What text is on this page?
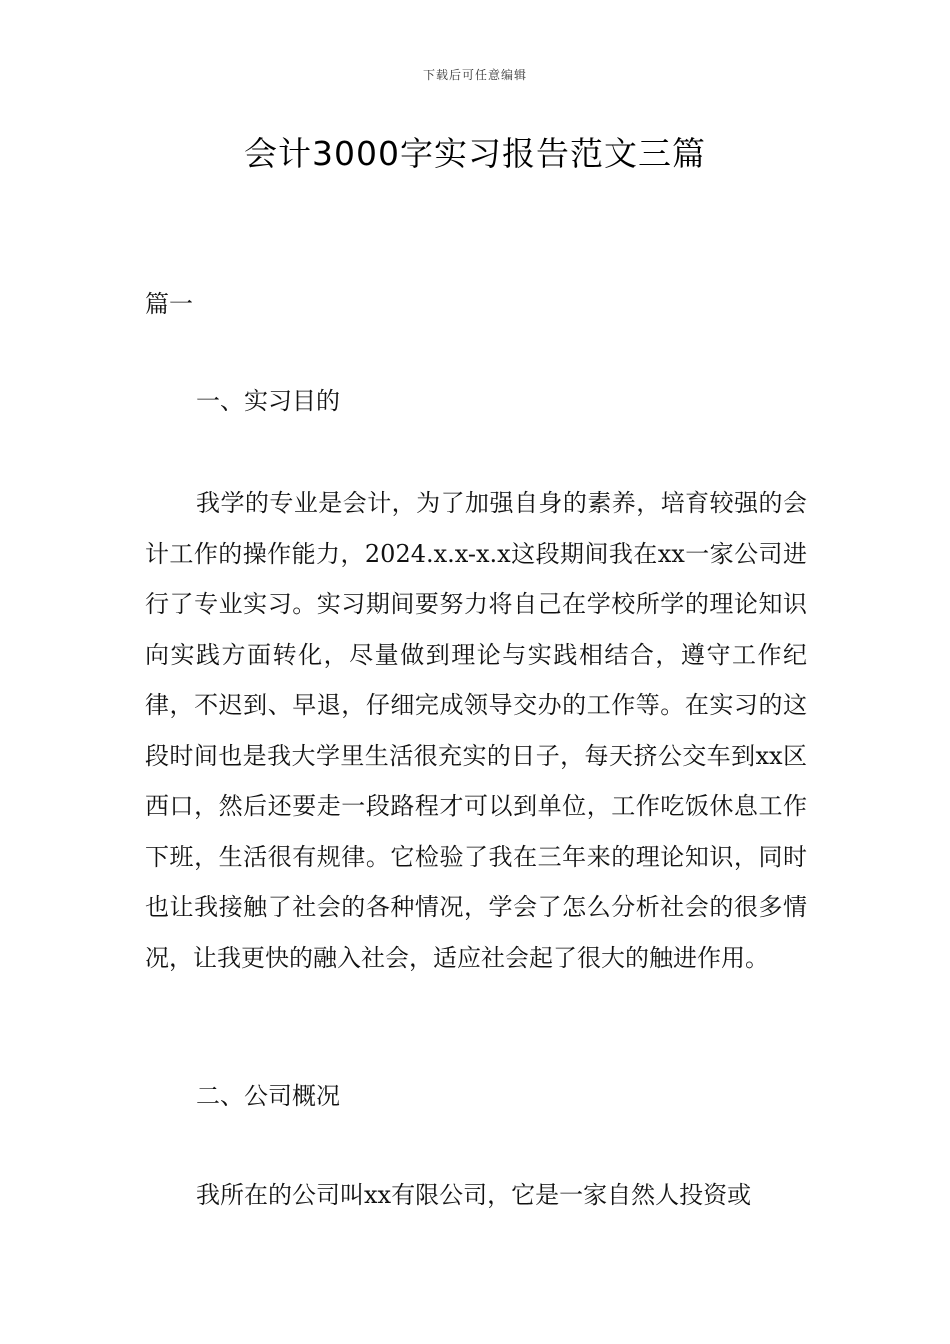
下载后可任意编辑
会计3000字实习报告范文三篇
篇一
一、实习目的

我学的专业是会计，为了加强自身的素养，培育较强的会计工作的操作能力，2024.x.x-x.x这段期间我在xx一家公司进行了专业实习。实习期间要努力将自己在学校所学的理论知识向实践方面转化，尽量做到理论与实践相结合，遵守工作纪律，不迟到、早退，仔细完成领导交办的工作等。在实习的这段时间也是我大学里生活很充实的日子，每天挤公交车到xx区西口，然后还要走一段路程才可以到单位，工作吃饭休息工作下班，生活很有规律。它检验了我在三年来的理论知识，同时也让我接触了社会的各种情况，学会了怎么分析社会的很多情况，让我更快的融入社会，适应社会起了很大的触进作用。

二、公司概况

我所在的公司叫xx有限公司，它是一家自然人投资或
